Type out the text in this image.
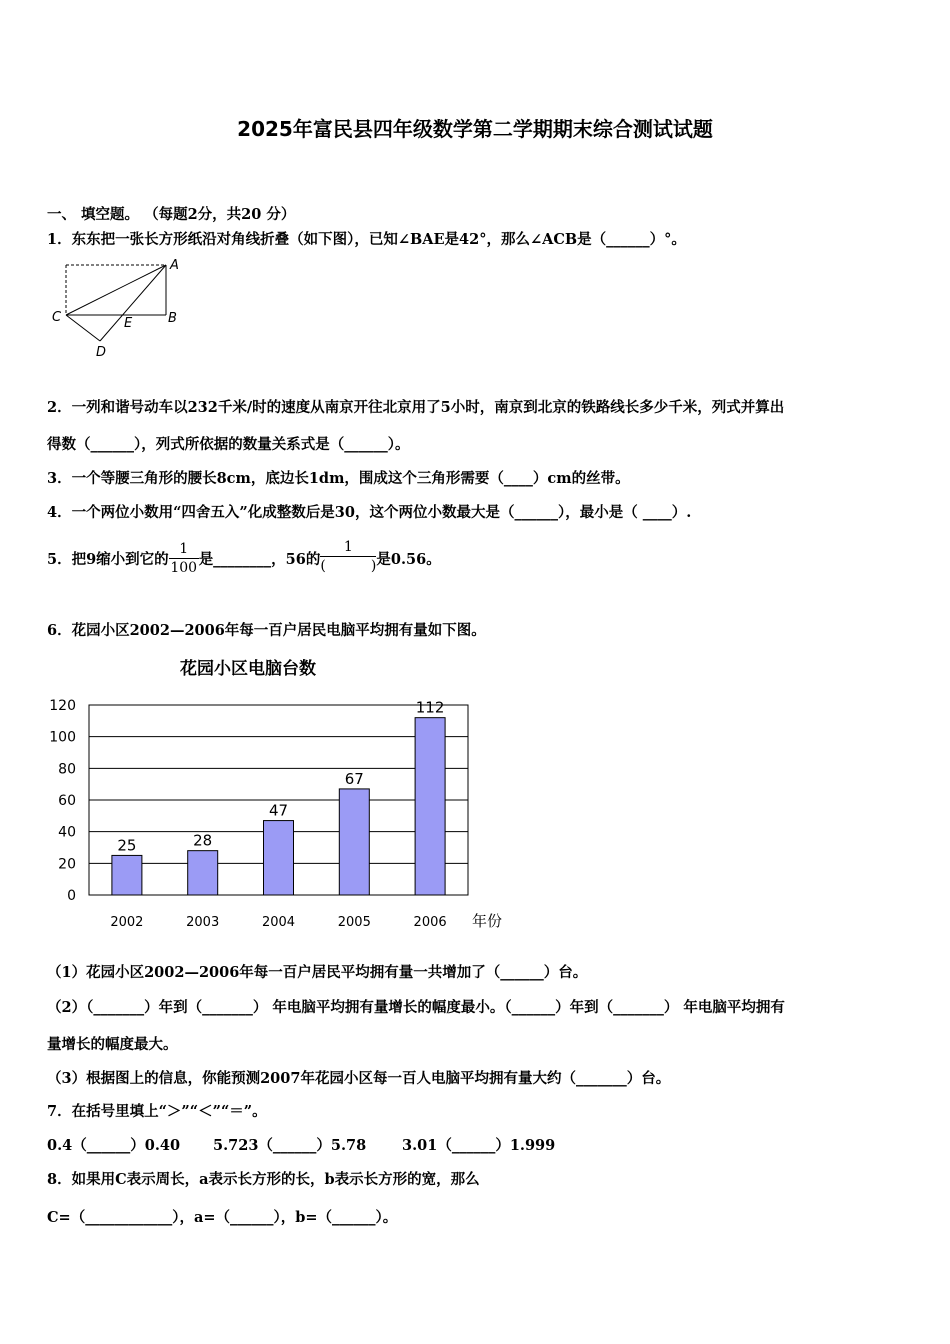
2025年富民县四年级数学第二学期期末综合测试试题
一、 填空题。 （每题2分，共20 分）
1．东东把一张长方形纸沿对角线折叠（如下图），已知∠BAE是42°，那么∠ACB是（______）°。
A
B
C
D
E
2．一列和谐号动车以232千米/时的速度从南京开往北京用了5小时，南京到北京的铁路线长多少千米，列式并算出
得数（______），列式所依据的数量关系式是（______）。
3．一个等腰三角形的腰长8cm，底边长1dm，围成这个三角形需要（____）cm的丝带。
4．一个两位小数用“四舍五入”化成整数后是30，这个两位小数最大是（______），最小是（ ____）.
5．把9缩小到它的 $\frac{1}{100}$ 是________，56的 1
(	) 是0.56。
6．花园小区2002—2006年每一百户居民电脑平均拥有量如下图。
花园小区电脑台数
0
20
40
60
80
100
120
25
2002
28
2003
47
2004
67
2005
112
2006 年份
（1）花园小区2002—2006年每一百户居民平均拥有量一共增加了（______）台。
（2）（_______）年到（_______） 年电脑平均拥有量增长的幅度最小。（______）年到（_______） 年电脑平均拥有
量增长的幅度最大。
（3）根据图上的信息，你能预测2007年花园小区每一百人电脑平均拥有量大约（_______）台。
7．在括号里填上“＞”“＜”“＝”。
0.4（______）0.40 5.723（______）5.78 3.01（______）1.999
8．如果用C表示周长，a表示长方形的长，b表示长方形的宽，那么
C=（____________），a=（______），b=（______）。
